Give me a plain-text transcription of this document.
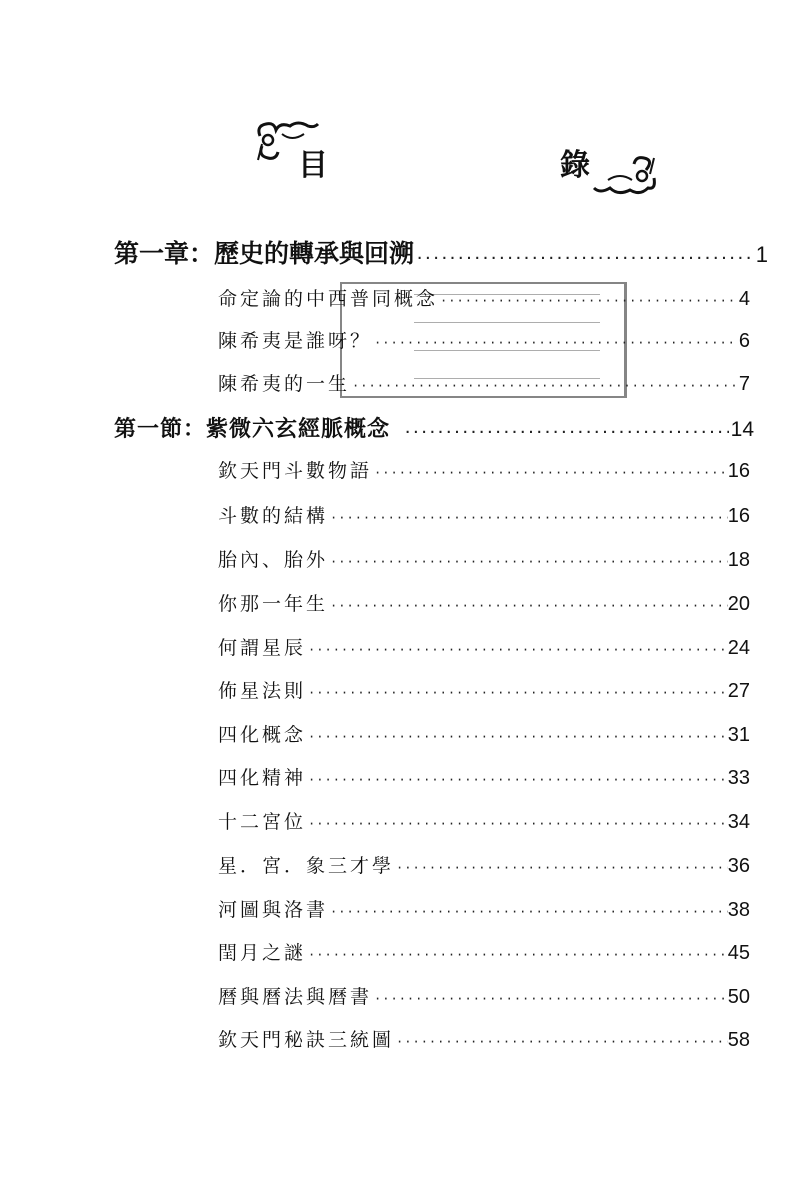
目	錄
第一章：歷史的轉承與回溯 ·····	1
命定論的中西普同概念 ·····	4
陳希夷是誰呀？ ·····	6
陳希夷的一生 ·····	7
第一節：紫微六玄經脈概念 ·····	14
欽天門斗數物語 ·····	16
斗數的結構 ·····	16
胎內、胎外 ·····	18
你那一年生 ·····	20
何謂星辰 ·····	24
佈星法則 ·····	27
四化概念 ·····	31
四化精神 ·····	33
十二宮位 ·····	34
星．宮．象三才學 ·····	36
河圖與洛書 ·····	38
閏月之謎 ·····	45
曆與曆法與曆書 ·····	50
欽天門秘訣三統圖 ·····	58
